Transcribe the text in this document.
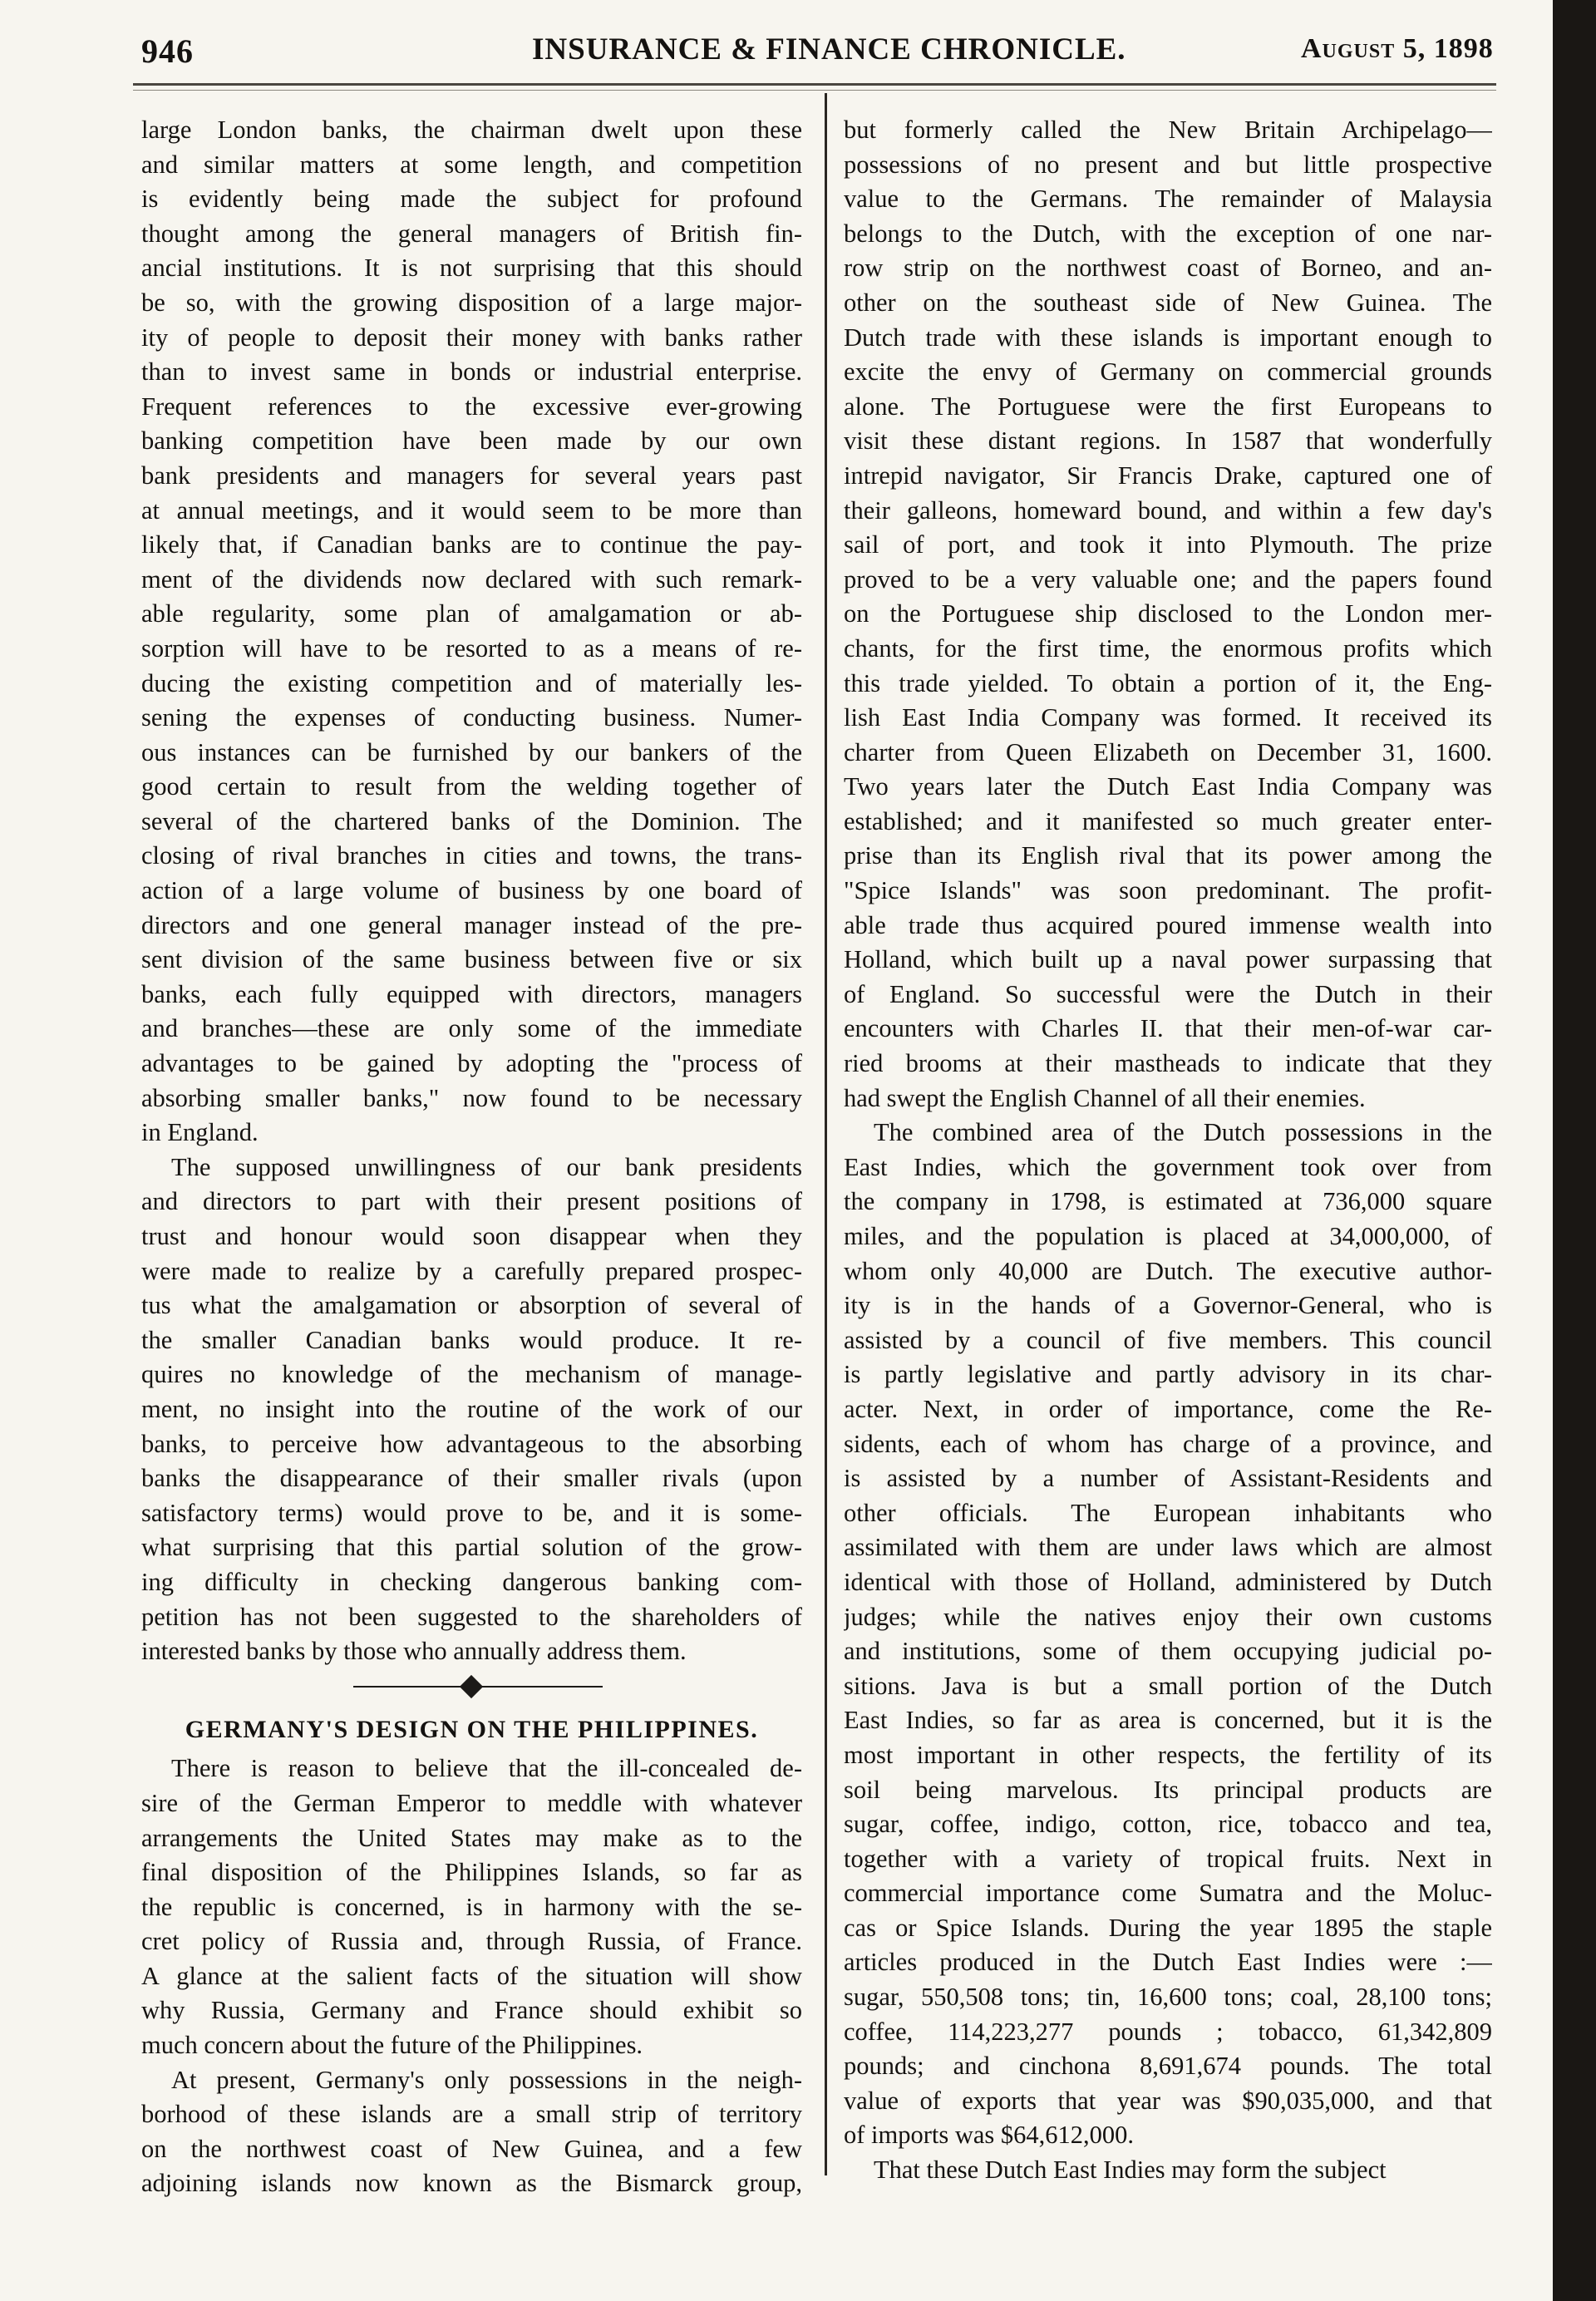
946	INSURANCE & FINANCE CHRONICLE.	August 5, 1898
large London banks, the chairman dwelt upon these
and similar matters at some length, and competition
is evidently being made the subject for profound
thought among the general managers of British fin-
ancial institutions. It is not surprising that this should
be so, with the growing disposition of a large major-
ity of people to deposit their money with banks rather
than to invest same in bonds or industrial enterprise.
Frequent references to the excessive ever-growing
banking competition have been made by our own
bank presidents and managers for several years past
at annual meetings, and it would seem to be more than
likely that, if Canadian banks are to continue the pay-
ment of the dividends now declared with such remark-
able regularity, some plan of amalgamation or ab-
sorption will have to be resorted to as a means of re-
ducing the existing competition and of materially les-
sening the expenses of conducting business. Numer-
ous instances can be furnished by our bankers of the
good certain to result from the welding together of
several of the chartered banks of the Dominion. The
closing of rival branches in cities and towns, the trans-
action of a large volume of business by one board of
directors and one general manager instead of the pre-
sent division of the same business between five or six
banks, each fully equipped with directors, managers
and branches—these are only some of the immediate
advantages to be gained by adopting the "process of
absorbing smaller banks," now found to be necessary
in England.
The supposed unwillingness of our bank presidents
and directors to part with their present positions of
trust and honour would soon disappear when they
were made to realize by a carefully prepared prospec-
tus what the amalgamation or absorption of several of
the smaller Canadian banks would produce. It re-
quires no knowledge of the mechanism of manage-
ment, no insight into the routine of the work of our
banks, to perceive how advantageous to the absorbing
banks the disappearance of their smaller rivals (upon
satisfactory terms) would prove to be, and it is some-
what surprising that this partial solution of the grow-
ing difficulty in checking dangerous banking com-
petition has not been suggested to the shareholders of
interested banks by those who annually address them.
GERMANY'S DESIGN ON THE PHILIPPINES.
There is reason to believe that the ill-concealed de-
sire of the German Emperor to meddle with whatever
arrangements the United States may make as to the
final disposition of the Philippines Islands, so far as
the republic is concerned, is in harmony with the se-
cret policy of Russia and, through Russia, of France.
A glance at the salient facts of the situation will show
why Russia, Germany and France should exhibit so
much concern about the future of the Philippines.
At present, Germany's only possessions in the neigh-
borhood of these islands are a small strip of territory
on the northwest coast of New Guinea, and a few
adjoining islands now known as the Bismarck group,
but formerly called the New Britain Archipelago—
possessions of no present and but little prospective
value to the Germans. The remainder of Malaysia
belongs to the Dutch, with the exception of one nar-
row strip on the northwest coast of Borneo, and an-
other on the southeast side of New Guinea. The
Dutch trade with these islands is important enough to
excite the envy of Germany on commercial grounds
alone. The Portuguese were the first Europeans to
visit these distant regions. In 1587 that wonderfully
intrepid navigator, Sir Francis Drake, captured one of
their galleons, homeward bound, and within a few day's
sail of port, and took it into Plymouth. The prize
proved to be a very valuable one; and the papers found
on the Portuguese ship disclosed to the London mer-
chants, for the first time, the enormous profits which
this trade yielded. To obtain a portion of it, the Eng-
lish East India Company was formed. It received its
charter from Queen Elizabeth on December 31, 1600.
Two years later the Dutch East India Company was
established; and it manifested so much greater enter-
prise than its English rival that its power among the
"Spice Islands" was soon predominant. The profit-
able trade thus acquired poured immense wealth into
Holland, which built up a naval power surpassing that
of England. So successful were the Dutch in their
encounters with Charles II. that their men-of-war car-
ried brooms at their mastheads to indicate that they
had swept the English Channel of all their enemies.
The combined area of the Dutch possessions in the
East Indies, which the government took over from
the company in 1798, is estimated at 736,000 square
miles, and the population is placed at 34,000,000, of
whom only 40,000 are Dutch. The executive author-
ity is in the hands of a Governor-General, who is
assisted by a council of five members. This council
is partly legislative and partly advisory in its char-
acter. Next, in order of importance, come the Re-
sidents, each of whom has charge of a province, and
is assisted by a number of Assistant-Residents and
other officials. The European inhabitants who
assimilated with them are under laws which are almost
identical with those of Holland, administered by Dutch
judges; while the natives enjoy their own customs
and institutions, some of them occupying judicial po-
sitions. Java is but a small portion of the Dutch
East Indies, so far as area is concerned, but it is the
most important in other respects, the fertility of its
soil being marvelous. Its principal products are
sugar, coffee, indigo, cotton, rice, tobacco and tea,
together with a variety of tropical fruits. Next in
commercial importance come Sumatra and the Moluc-
cas or Spice Islands. During the year 1895 the staple
articles produced in the Dutch East Indies were :—
sugar, 550,508 tons; tin, 16,600 tons; coal, 28,100 tons;
coffee, 114,223,277 pounds ; tobacco, 61,342,809
pounds; and cinchona 8,691,674 pounds. The total
value of exports that year was $90,035,000, and that
of imports was $64,612,000.
That these Dutch East Indies may form the subject
